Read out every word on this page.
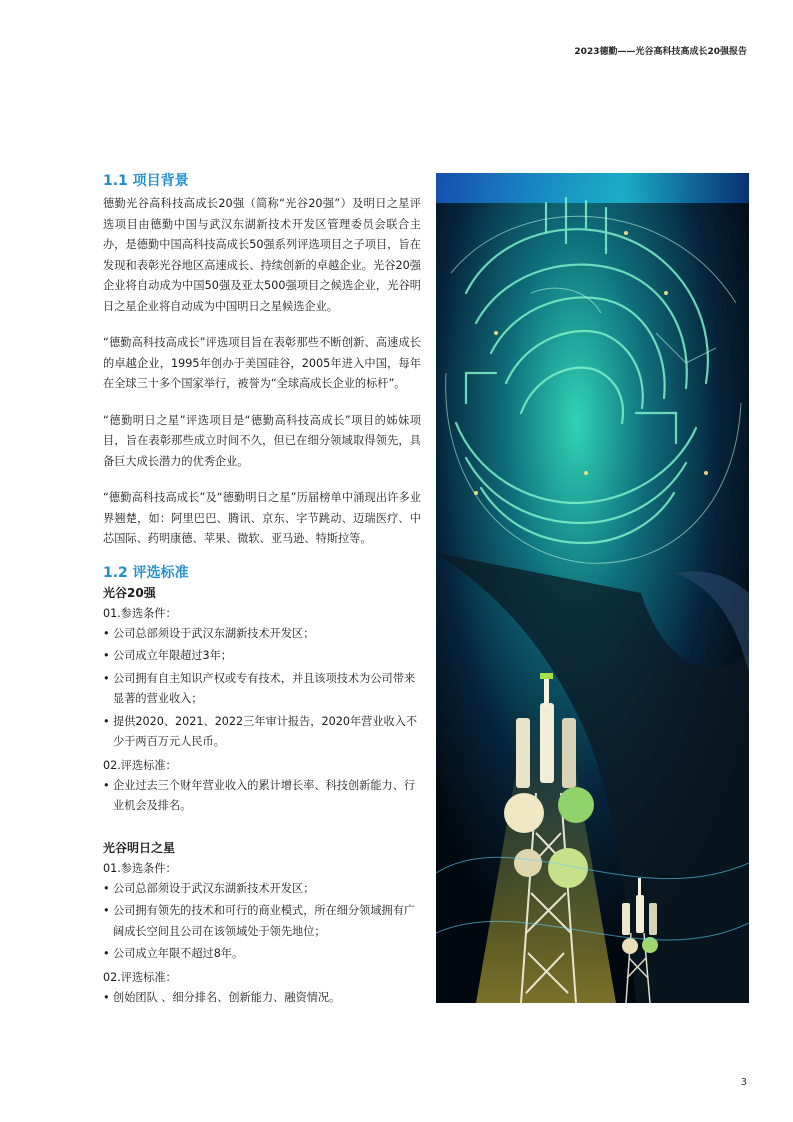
2023德勤——光谷高科技高成长20强报告
1.1 项目背景

德勤光谷高科技高成长20强（简称“光谷20强”）及明日之星评选项目由德勤中国与武汉东湖新技术开发区管理委员会联合主办，是德勤中国高科技高成长50强系列评选项目之子项目，旨在发现和表彰光谷地区高速成长、持续创新的卓越企业。光谷20强企业将自动成为中国50强及亚太500强项目之候选企业，光谷明日之星企业将自动成为中国明日之星候选企业。

“德勤高科技高成长”评选项目旨在表彰那些不断创新、高速成长的卓越企业，1995年创办于美国硅谷，2005年进入中国，每年在全球三十多个国家举行，被誉为“全球高成长企业的标杆”。

“德勤明日之星”评选项目是“德勤高科技高成长”项目的姊妹项目，旨在表彰那些成立时间不久，但已在细分领域取得领先，具备巨大成长潜力的优秀企业。

“德勤高科技高成长”及“德勤明日之星”历届榜单中涌现出许多业界翘楚，如：阿里巴巴、腾讯、京东、字节跳动、迈瑞医疗、中芯国际、药明康德、苹果、微软、亚马逊、特斯拉等。

1.2 评选标准
光谷20强

01.参选条件：

• 公司总部须设于武汉东湖新技术开发区；
• 公司成立年限超过3年；
• 公司拥有自主知识产权或专有技术，并且该项技术为公司带来显著的营业收入；
• 提供2020、2021、2022三年审计报告，2020年营业收入不少于两百万元人民币。

02.评选标准：

• 企业过去三个财年营业收入的累计增长率、科技创新能力、行业机会及排名。
光谷明日之星

01.参选条件：

• 公司总部须设于武汉东湖新技术开发区；
• 公司拥有领先的技术和可行的商业模式，所在细分领域拥有广阔成长空间且公司在该领域处于领先地位；
• 公司成立年限不超过8年。

02.评选标准：

• 创始团队 、细分排名、创新能力、融资情况。
3
